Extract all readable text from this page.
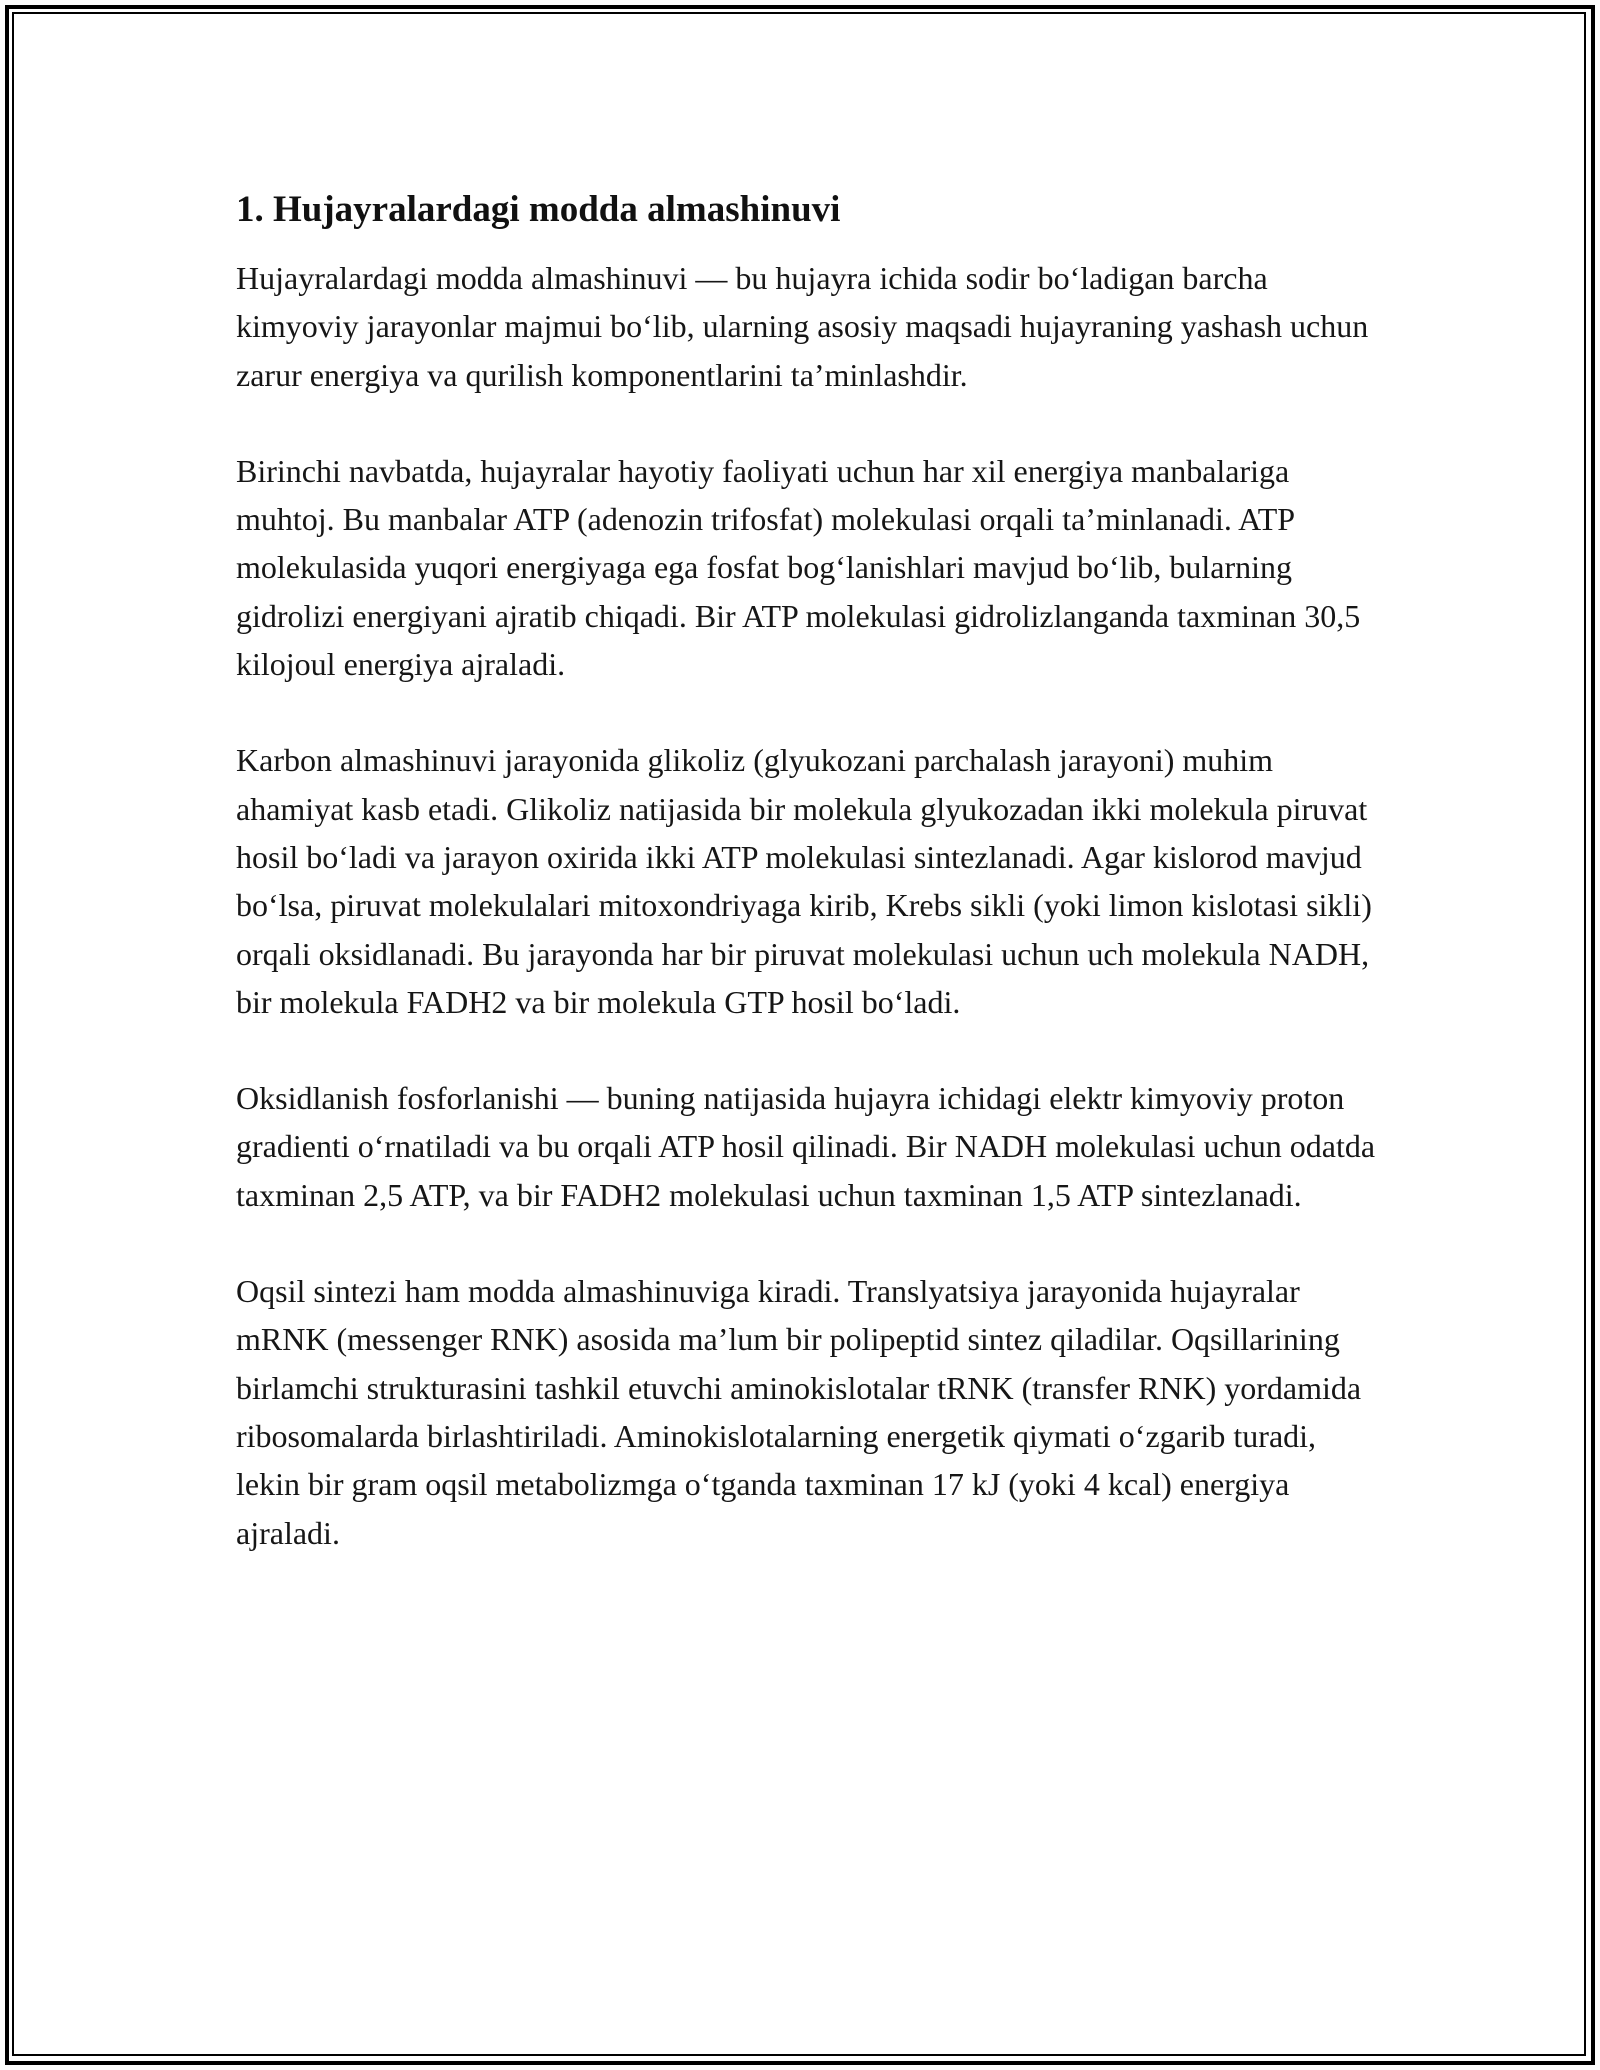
1. Hujayralardagi modda almashinuvi

Hujayralardagi modda almashinuvi — bu hujayra ichida sodir bo‘ladigan barcha kimyoviy jarayonlar majmui bo‘lib, ularning asosiy maqsadi hujayraning yashash uchun zarur energiya va qurilish komponentlarini ta’minlashdir.

Birinchi navbatda, hujayralar hayotiy faoliyati uchun har xil energiya manbalariga muhtoj. Bu manbalar ATP (adenozin trifosfat) molekulasi orqali ta’minlanadi. ATP molekulasida yuqori energiyaga ega fosfat bog‘lanishlari mavjud bo‘lib, bularning gidrolizi energiyani ajratib chiqadi. Bir ATP molekulasi gidrolizlanganda taxminan 30,5 kilojoul energiya ajraladi.

Karbon almashinuvi jarayonida glikoliz (glyukozani parchalash jarayoni) muhim ahamiyat kasb etadi. Glikoliz natijasida bir molekula glyukozadan ikki molekula piruvat hosil bo‘ladi va jarayon oxirida ikki ATP molekulasi sintezlanadi. Agar kislorod mavjud bo‘lsa, piruvat molekulalari mitoxondriyaga kirib, Krebs sikli (yoki limon kislotasi sikli) orqali oksidlanadi. Bu jarayonda har bir piruvat molekulasi uchun uch molekula NADH, bir molekula FADH2 va bir molekula GTP hosil bo‘ladi.

Oksidlanish fosforlanishi — buning natijasida hujayra ichidagi elektr kimyoviy proton gradienti o‘rnatiladi va bu orqali ATP hosil qilinadi. Bir NADH molekulasi uchun odatda taxminan 2,5 ATP, va bir FADH2 molekulasi uchun taxminan 1,5 ATP sintezlanadi.

Oqsil sintezi ham modda almashinuviga kiradi. Translyatsiya jarayonida hujayralar mRNK (messenger RNK) asosida ma’lum bir polipeptid sintez qiladilar. Oqsillarining birlamchi strukturasini tashkil etuvchi aminokislotalar tRNK (transfer RNK) yordamida ribosomalarda birlashtiriladi. Aminokislotalarning energetik qiymati o‘zgarib turadi, lekin bir gram oqsil metabolizmga o‘tganda taxminan 17 kJ (yoki 4 kcal) energiya ajraladi.
